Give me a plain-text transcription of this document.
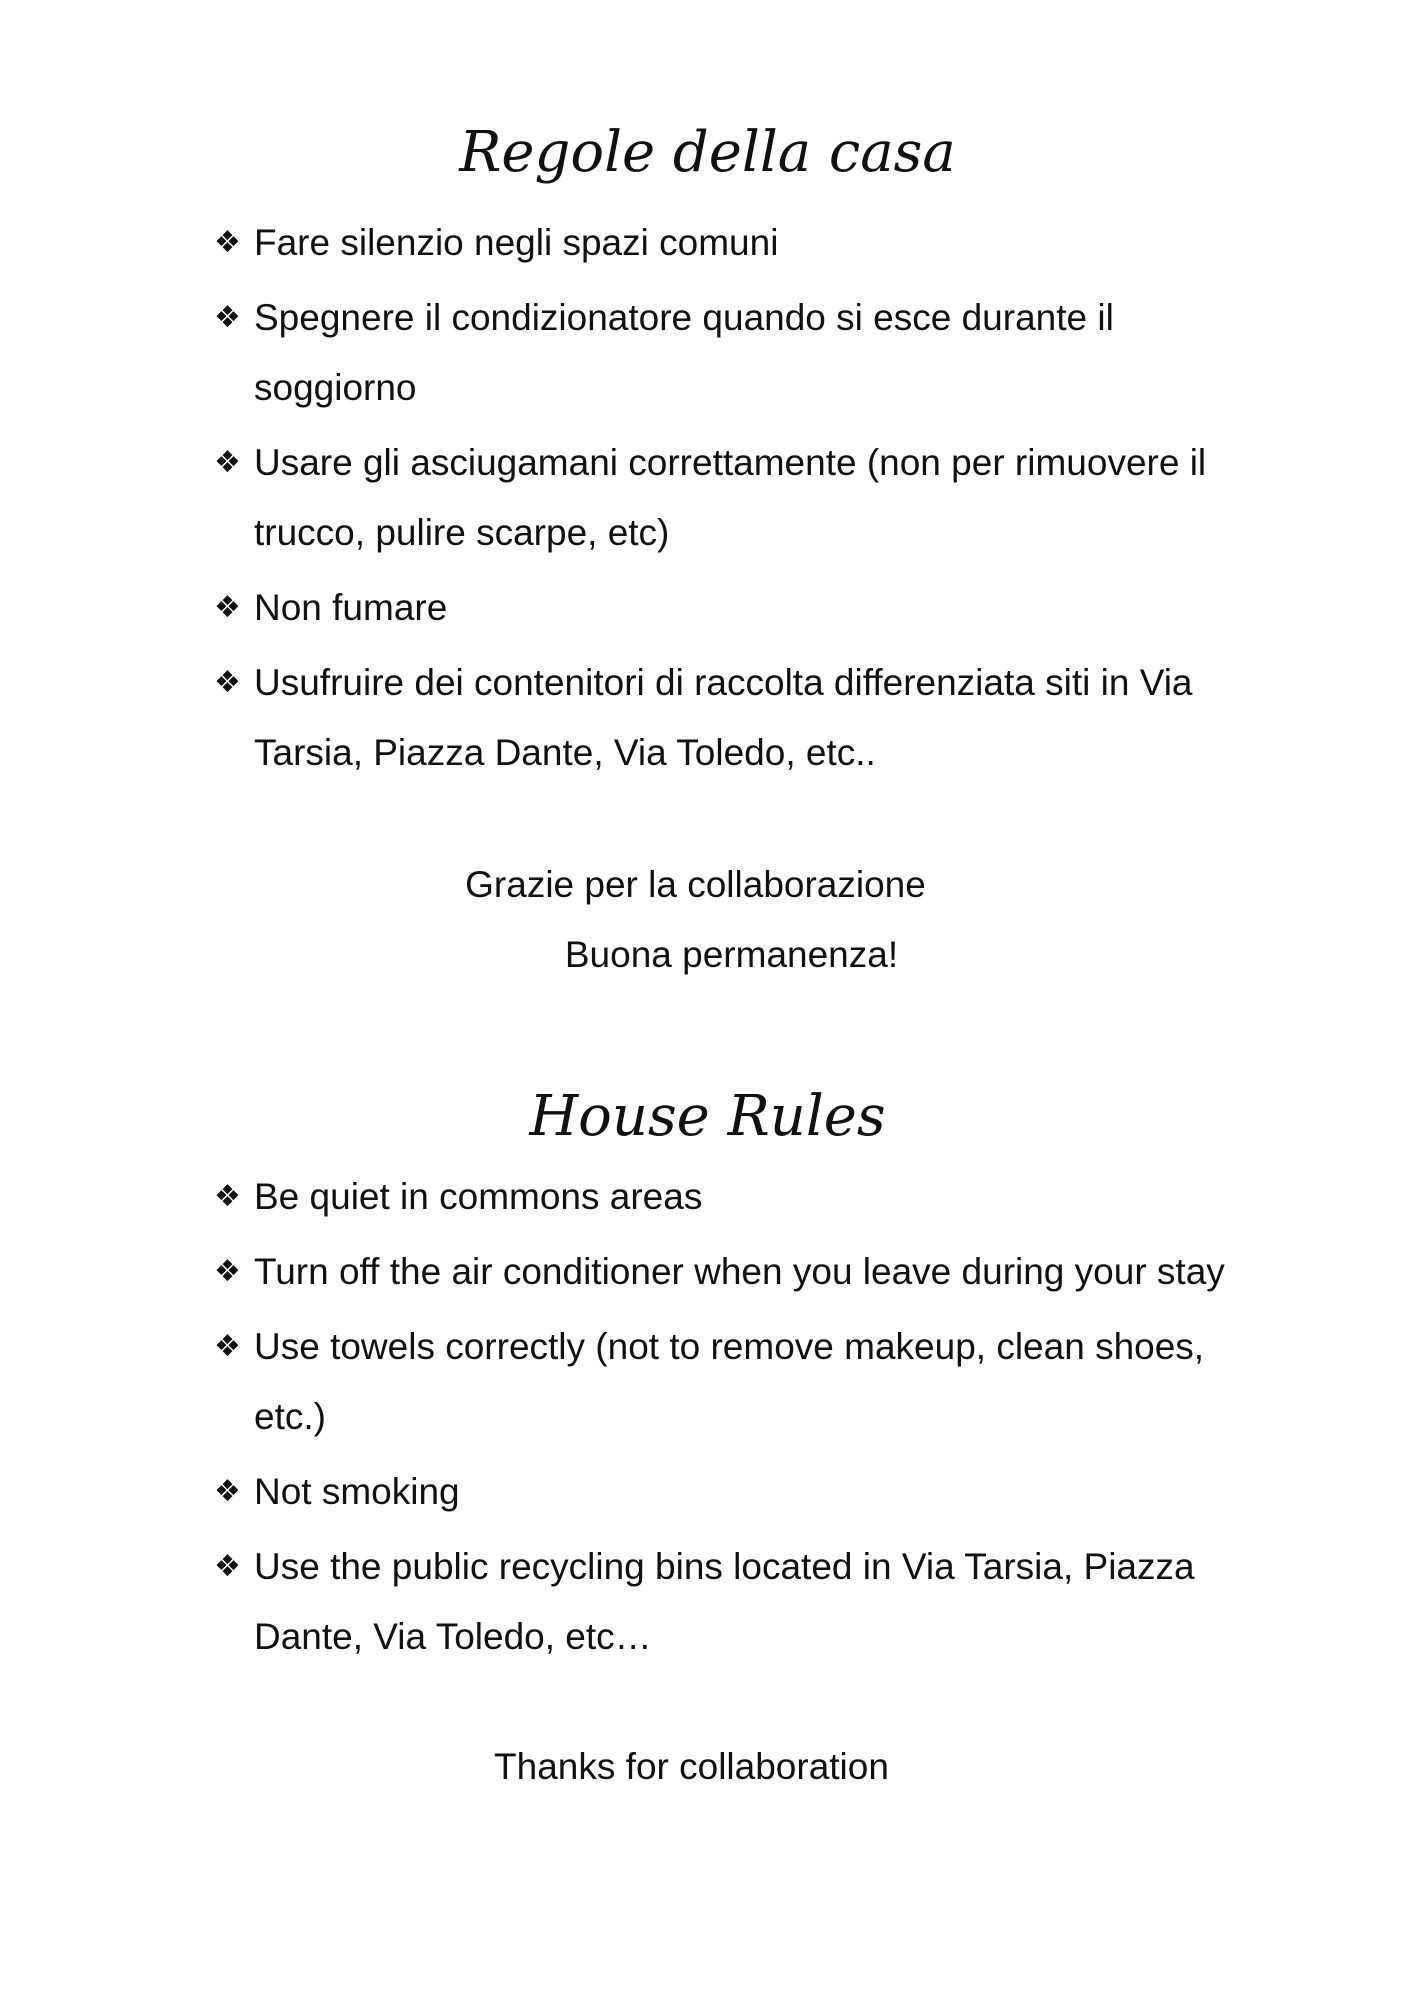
Regole della casa
❖ Fare silenzio negli spazi comuni
❖ Spegnere il condizionatore quando si esce durante il soggiorno
❖ Usare gli asciugamani correttamente (non per rimuovere il trucco, pulire scarpe, etc)
❖ Non fumare
❖ Usufruire dei contenitori di raccolta differenziata siti in Via Tarsia, Piazza Dante, Via Toledo, etc..

Grazie per la collaborazione

Buona permanenza!

House Rules
❖ Be quiet in commons areas
❖ Turn off the air conditioner when you leave during your stay
❖ Use towels correctly (not to remove makeup, clean shoes, etc.)
❖ Not smoking
❖ Use the public recycling bins located in Via Tarsia, Piazza Dante, Via Toledo, etc…

Thanks for collaboration
